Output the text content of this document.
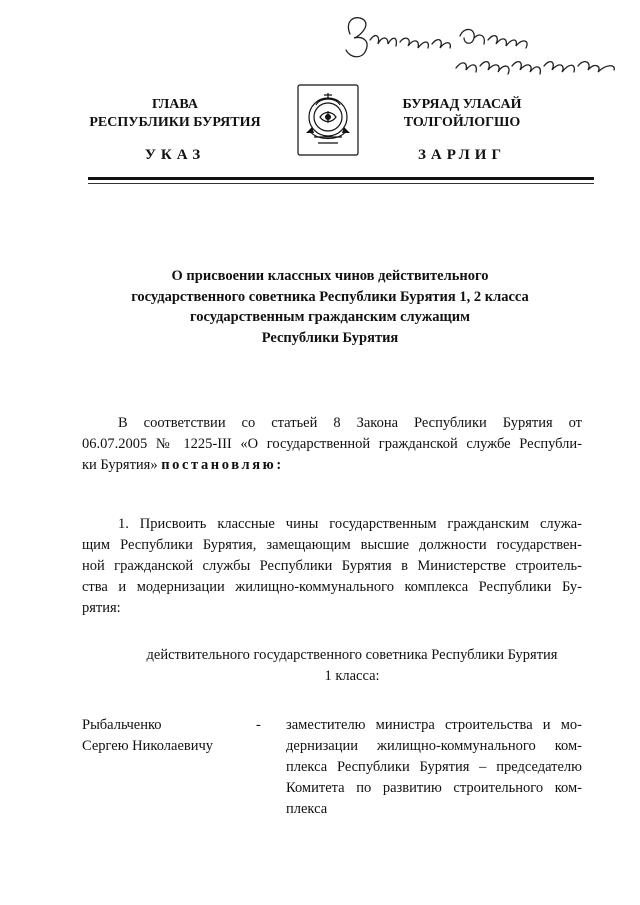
ГЛАВА
РЕСПУБЛИКИ БУРЯТИЯ
БУРЯАД УЛАСАЙ
ТОЛГОЙЛОГШО
УКАЗ	ЗАРЛИГ
О присвоении классных чинов действительного
государственного советника Республики Бурятия 1, 2 класса
государственным гражданским служащим
Республики Бурятия
В соответствии со статьей 8 Закона Республики Бурятия от
06.07.2005 № 1225-III «О государственной гражданской службе Республи-
ки Бурятия» постановляю:
1. Присвоить классные чины государственным гражданским служа-
щим Республики Бурятия, замещающим высшие должности государствен-
ной гражданской службы Республики Бурятия в Министерстве строитель-
ства и модернизации жилищно-коммунального комплекса Республики Бу-
рятия:
действительного государственного советника Республики Бурятия
1 класса:
Рыбальченко
Сергею Николаевичу
- заместителю министра строительства и мо-
дернизации жилищно-коммунального ком-
плекса Республики Бурятия – председателю
Комитета по развитию строительного ком-
плекса
